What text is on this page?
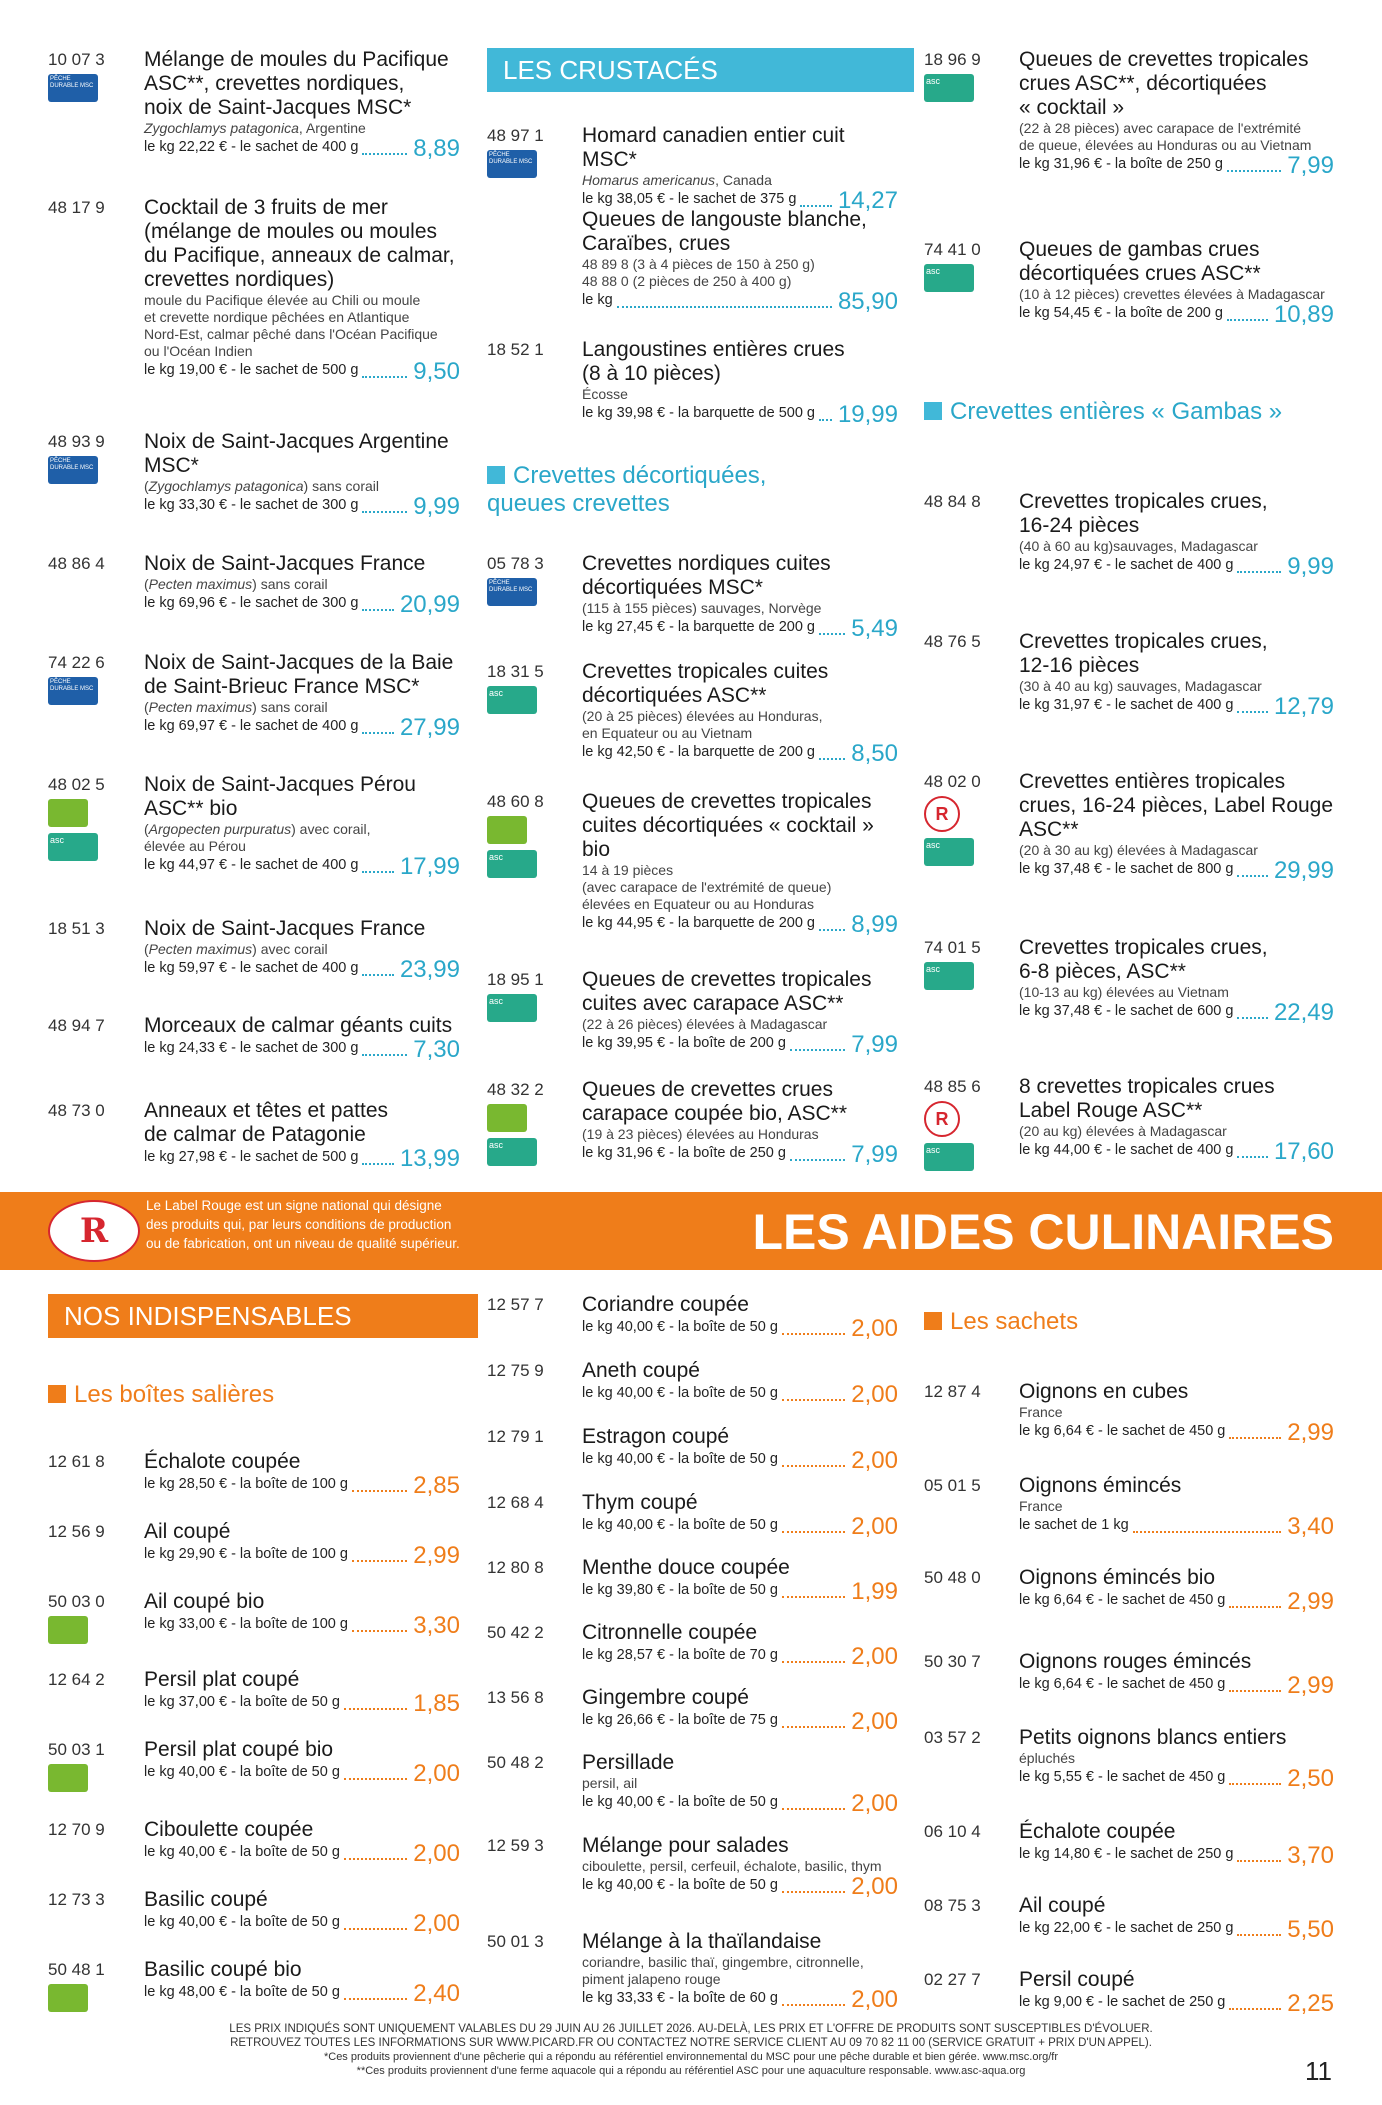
LES CRUSTACÉS
Crevettes décortiquées,
queues crevettes
Crevettes entières « Gambas »
R
Le Label Rouge est un signe national qui désigne
des produits qui, par leurs conditions de production
ou de fabrication, ont un niveau de qualité supérieur.	LES AIDES CULINAIRES
NOS INDISPENSABLES
Les boîtes salières
Les sachets
10 07 3
PÊCHE DURABLE MSC
Mélange de moules du Pacifique
ASC**, crevettes nordiques,
noix de Saint-Jacques MSC*
Zygochlamys patagonica, Argentine
le kg 22,22 € - le sachet de 400 g 8,89
48 17 9	Cocktail de 3 fruits de mer
(mélange de moules ou moules
du Pacifique, anneaux de calmar,
crevettes nordiques)
moule du Pacifique élevée au Chili ou moule
et crevette nordique pêchées en Atlantique
Nord-Est, calmar pêché dans l'Océan Pacifique
ou l'Océan Indien
le kg 19,00 € - le sachet de 500 g 9,50
48 93 9
PÊCHE DURABLE MSC
Noix de Saint-Jacques Argentine
MSC*
(Zygochlamys patagonica) sans corail
le kg 33,30 € - le sachet de 300 g 9,99
48 86 4	Noix de Saint-Jacques France
(Pecten maximus) sans corail
le kg 69,96 € - le sachet de 300 g 20,99
74 22 6
PÊCHE DURABLE MSC
Noix de Saint-Jacques de la Baie
de Saint-Brieuc France MSC*
(Pecten maximus) sans corail
le kg 69,97 € - le sachet de 400 g 27,99
48 02 5
asc
Noix de Saint-Jacques Pérou
ASC** bio
(Argopecten purpuratus) avec corail,
élevée au Pérou
le kg 44,97 € - le sachet de 400 g 17,99
18 51 3	Noix de Saint-Jacques France
(Pecten maximus) avec corail
le kg 59,97 € - le sachet de 400 g 23,99
48 94 7	Morceaux de calmar géants cuits
le kg 24,33 € - le sachet de 300 g 7,30
48 73 0	Anneaux et têtes et pattes
de calmar de Patagonie
le kg 27,98 € - le sachet de 500 g 13,99
48 97 1
PÊCHE DURABLE MSC
Homard canadien entier cuit MSC*
Homarus americanus, Canada
le kg 38,05 € - le sachet de 375 g 14,27
Queues de langouste blanche,
Caraïbes, crues
48 89 8 (3 à 4 pièces de 150 à 250 g)
48 88 0 (2 pièces de 250 à 400 g)
le kg	85,90
18 52 1	Langoustines entières crues
(8 à 10 pièces)
Écosse
le kg 39,98 € - la barquette de 500 g 19,99
05 78 3
PÊCHE DURABLE MSC
Crevettes nordiques cuites
décortiquées MSC*
(115 à 155 pièces) sauvages, Norvège
le kg 27,45 € - la barquette de 200 g 5,49
18 31 5
asc
Crevettes tropicales cuites
décortiquées ASC**
(20 à 25 pièces) élevées au Honduras,
en Equateur ou au Vietnam
le kg 42,50 € - la barquette de 200 g 8,50
48 60 8
asc
Queues de crevettes tropicales
cuites décortiquées « cocktail »
bio
14 à 19 pièces
(avec carapace de l'extrémité de queue)
élevées en Equateur ou au Honduras
le kg 44,95 € - la barquette de 200 g 8,99
18 95 1
asc
Queues de crevettes tropicales
cuites avec carapace ASC**
(22 à 26 pièces) élevées à Madagascar
le kg 39,95 € - la boîte de 200 g	7,99
48 32 2
asc
Queues de crevettes crues
carapace coupée bio, ASC**
(19 à 23 pièces) élevées au Honduras
le kg 31,96 € - la boîte de 250 g	7,99
18 96 9
asc
Queues de crevettes tropicales
crues ASC**, décortiquées
« cocktail »
(22 à 28 pièces) avec carapace de l'extrémité
de queue, élevées au Honduras ou au Vietnam
le kg 31,96 € - la boîte de 250 g	7,99
74 41 0
asc
Queues de gambas crues
décortiquées crues ASC**
(10 à 12 pièces) crevettes élevées à Madagascar
le kg 54,45 € - la boîte de 200 g 10,89
48 84 8	Crevettes tropicales crues,
16-24 pièces
(40 à 60 au kg)sauvages, Madagascar
le kg 24,97 € - le sachet de 400 g 9,99
48 76 5	Crevettes tropicales crues,
12-16 pièces
(30 à 40 au kg) sauvages, Madagascar
le kg 31,97 € - le sachet de 400 g 12,79
48 02 0
R
asc
Crevettes entières tropicales
crues, 16-24 pièces, Label Rouge
ASC**
(20 à 30 au kg) élevées à Madagascar
le kg 37,48 € - le sachet de 800 g 29,99
74 01 5
asc
Crevettes tropicales crues,
6-8 pièces, ASC**
(10-13 au kg) élevées au Vietnam
le kg 37,48 € - le sachet de 600 g 22,49
48 85 6
R
asc
8 crevettes tropicales crues
Label Rouge ASC**
(20 au kg) élevées à Madagascar
le kg 44,00 € - le sachet de 400 g 17,60
12 61 8	Échalote coupée
le kg 28,50 € - la boîte de 100 g	2,85
12 56 9	Ail coupé
le kg 29,90 € - la boîte de 100 g	2,99
50 03 0	Ail coupé bio
le kg 33,00 € - la boîte de 100 g	3,30
12 64 2	Persil plat coupé
le kg 37,00 € - la boîte de 50 g	1,85
50 03 1	Persil plat coupé bio
le kg 40,00 € - la boîte de 50 g	2,00
12 70 9	Ciboulette coupée
le kg 40,00 € - la boîte de 50 g	2,00
12 73 3	Basilic coupé
le kg 40,00 € - la boîte de 50 g	2,00
50 48 1	Basilic coupé bio
le kg 48,00 € - la boîte de 50 g	2,40
12 57 7	Coriandre coupée
le kg 40,00 € - la boîte de 50 g	2,00
12 75 9	Aneth coupé
le kg 40,00 € - la boîte de 50 g	2,00
12 79 1	Estragon coupé
le kg 40,00 € - la boîte de 50 g	2,00
12 68 4	Thym coupé
le kg 40,00 € - la boîte de 50 g	2,00
12 80 8	Menthe douce coupée
le kg 39,80 € - la boîte de 50 g	1,99
50 42 2	Citronnelle coupée
le kg 28,57 € - la boîte de 70 g	2,00
13 56 8	Gingembre coupé
le kg 26,66 € - la boîte de 75 g	2,00
50 48 2	Persillade
persil, ail
le kg 40,00 € - la boîte de 50 g	2,00
12 59 3	Mélange pour salades
ciboulette, persil, cerfeuil, échalote, basilic, thym
le kg 40,00 € - la boîte de 50 g	2,00
50 01 3	Mélange à la thaïlandaise
coriandre, basilic thaï, gingembre, citronnelle,
piment jalapeno rouge
le kg 33,33 € - la boîte de 60 g	2,00
12 87 4	Oignons en cubes
France
le kg 6,64 € - le sachet de 450 g	2,99
05 01 5	Oignons émincés
France
le sachet de 1 kg	3,40
50 48 0	Oignons émincés bio
le kg 6,64 € - le sachet de 450 g	2,99
50 30 7	Oignons rouges émincés
le kg 6,64 € - le sachet de 450 g	2,99
03 57 2	Petits oignons blancs entiers
épluchés
le kg 5,55 € - le sachet de 450 g	2,50
06 10 4	Échalote coupée
le kg 14,80 € - le sachet de 250 g 3,70
08 75 3	Ail coupé
le kg 22,00 € - le sachet de 250 g 5,50
02 27 7	Persil coupé
le kg 9,00 € - le sachet de 250 g	2,25
LES PRIX INDIQUÉS SONT UNIQUEMENT VALABLES DU 29 JUIN AU 26 JUILLET 2026. AU-DELÀ, LES PRIX ET L'OFFRE DE PRODUITS SONT SUSCEPTIBLES D'ÉVOLUER.
RETROUVEZ TOUTES LES INFORMATIONS SUR WWW.PICARD.FR OU CONTACTEZ NOTRE SERVICE CLIENT AU 09 70 82 11 00 (SERVICE GRATUIT + PRIX D'UN APPEL).
*Ces produits proviennent d'une pêcherie qui a répondu au référentiel environnemental du MSC pour une pêche durable et bien gérée. www.msc.org/fr
**Ces produits proviennent d'une ferme aquacole qui a répondu au référentiel ASC pour une aquaculture responsable. www.asc-aqua.org	11
